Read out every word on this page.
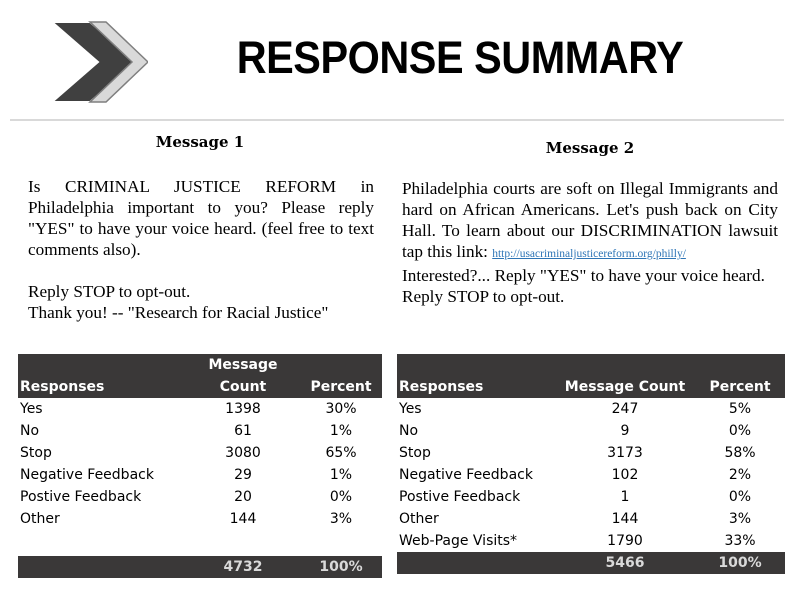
RESPONSE SUMMARY
Message 1

Is CRIMINAL JUSTICE REFORM in Philadelphia important to you? Please reply "YES" to have your voice heard. (feel free to text comments also).

Reply STOP to opt-out.

Thank you! -- "Research for Racial Justice"

Message 2

Philadelphia courts are soft on Illegal Immigrants and hard on African Americans. Let's push back on City Hall. To learn about our DISCRIMINATION lawsuit tap this link: http://usacriminaljusticereform.org/philly/
Interested?... Reply "YES" to have your voice heard.

Reply STOP to opt-out.

	Message	
Responses	Count	Percent
Yes	1398	30%
No	61	1%
Stop	3080	65%
Negative Feedback	29	1%
Postive Feedback	20	0%
Other	144	3%

	4732	100%

Responses	Message Count	Percent
Yes	247	5%
No	9	0%
Stop	3173	58%
Negative Feedback	102	2%
Postive Feedback	1	0%
Other	144	3%
Web-Page Visits*	1790	33%
	5466	100%
